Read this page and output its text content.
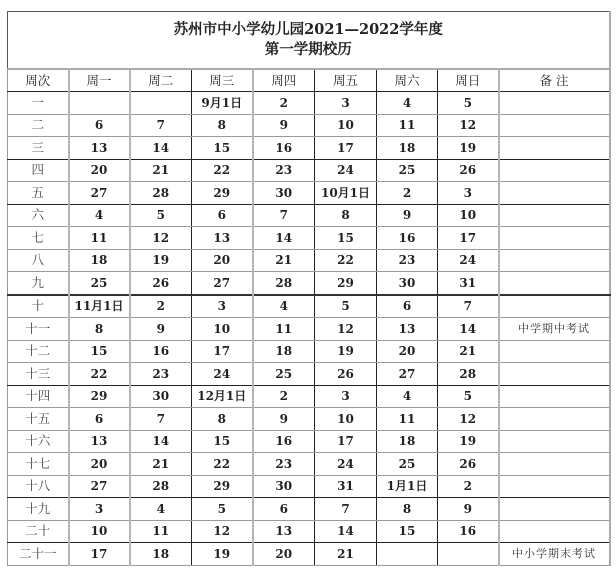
苏州市中小学幼儿园2021—2022学年度
第一学期校历								

周次	周一	周二	周三	周四	周五	周六	周日	备 注
一			9月1日	2	3	4	5	
二	6	7	8	9	10	11	12	
三	13	14	15	16	17	18	19	
四	20	21	22	23	24	25	26	
五	27	28	29	30	10月1日	2	3	
六	4	5	6	7	8	9	10	
七	11	12	13	14	15	16	17	
八	18	19	20	21	22	23	24	
九	25	26	27	28	29	30	31	
十	11月1日	2	3	4	5	6	7	
十一	8	9	10	11	12	13	14	中学期中考试
十二	15	16	17	18	19	20	21	
十三	22	23	24	25	26	27	28	
十四	29	30	12月1日	2	3	4	5	
十五	6	7	8	9	10	11	12	
十六	13	14	15	16	17	18	19	
十七	20	21	22	23	24	25	26	
十八	27	28	29	30	31	1月1日	2	
十九	3	4	5	6	7	8	9	
二十	10	11	12	13	14	15	16	
二十一	17	18	19	20	21			中小学期末考试
